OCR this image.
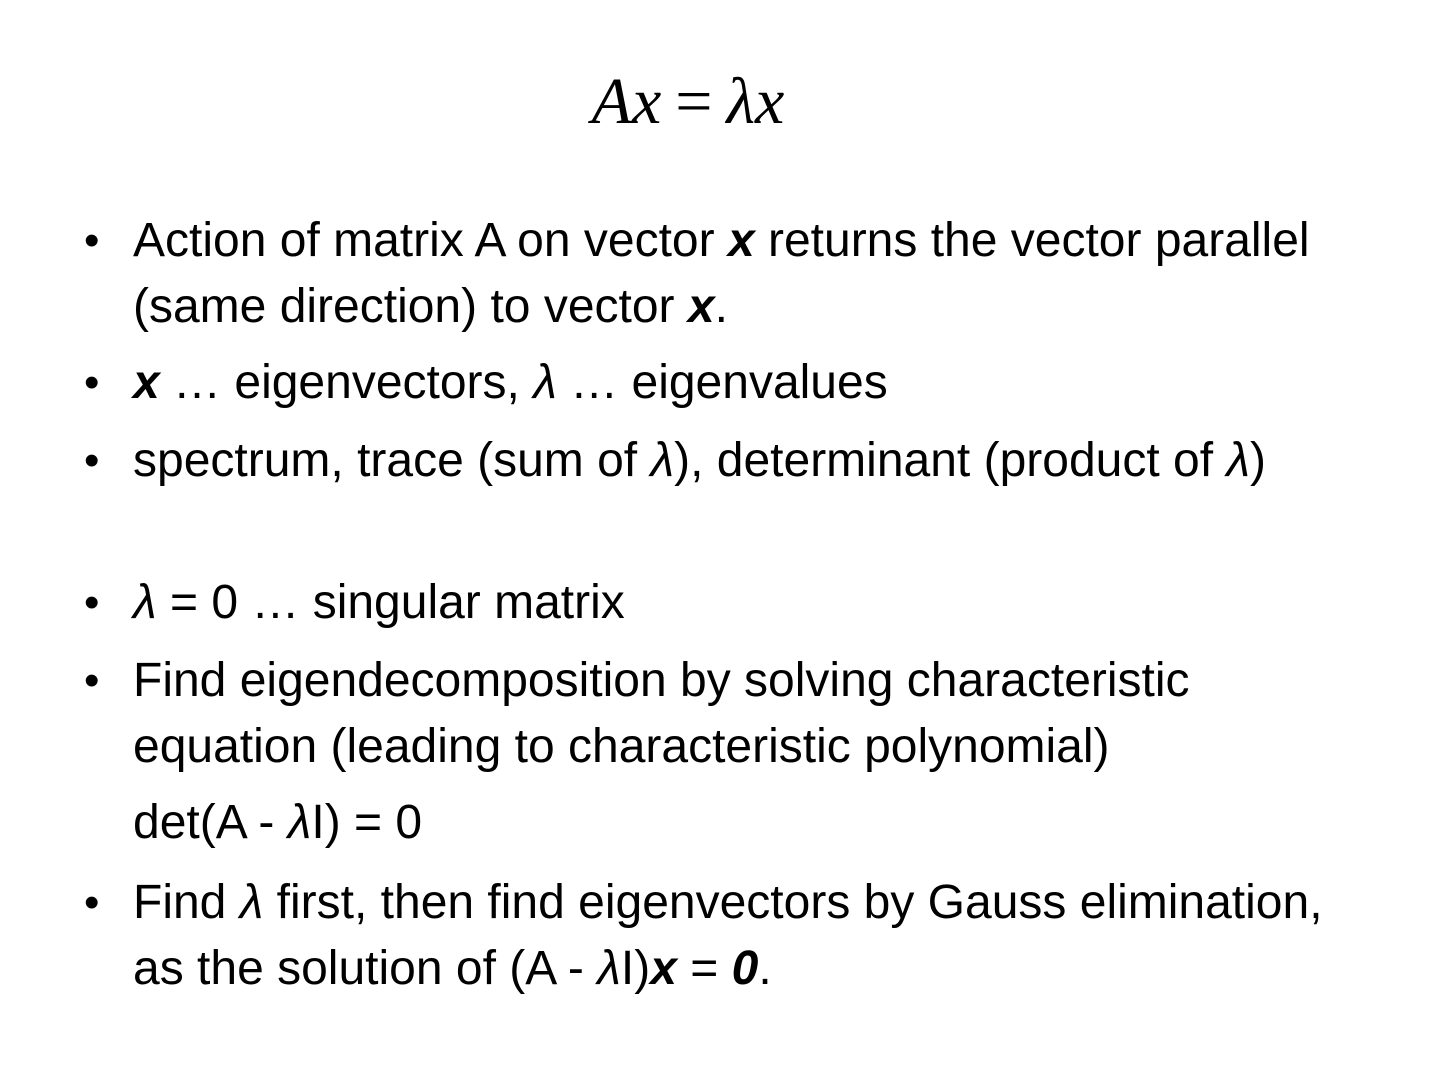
Ax = λx
• Action of matrix A on vector x returns the vector parallel (same direction) to vector x.
• x … eigenvectors, λ … eigenvalues
• spectrum, trace (sum of λ), determinant (product of λ)
• λ = 0 … singular matrix
• Find eigendecomposition by solving characteristic equation (leading to characteristic polynomial)
det(A - λI) = 0
• Find λ first, then find eigenvectors by Gauss elimination, as the solution of (A - λI)x = 0.
